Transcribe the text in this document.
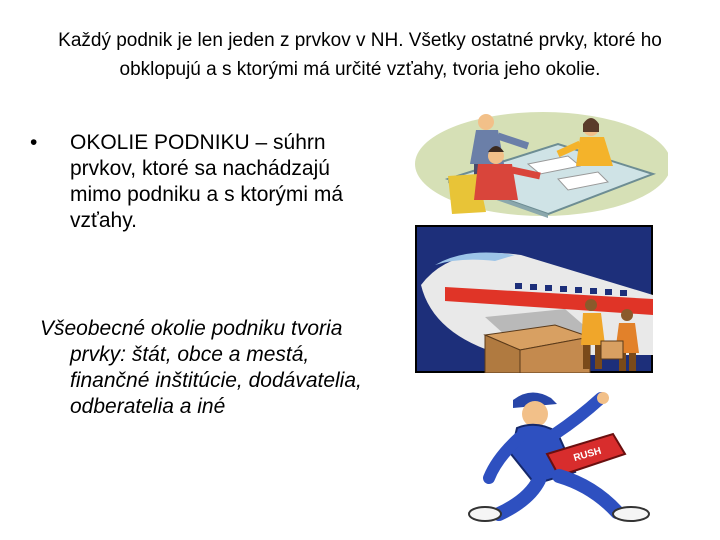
Každý podnik je len jeden z prvkov v NH. Všetky ostatné prvky, ktoré ho obklopujú a s ktorými má určité vzťahy, tvoria jeho okolie.
•	OKOLIE PODNIKU – súhrn prvkov, ktoré sa nachádzajú mimo podniku a s ktorými má vzťahy.
Všeobecné okolie podniku tvoria prvky: štát, obce a mestá, finančné inštitúcie, dodávatelia, odberatelia a iné
RUSH
